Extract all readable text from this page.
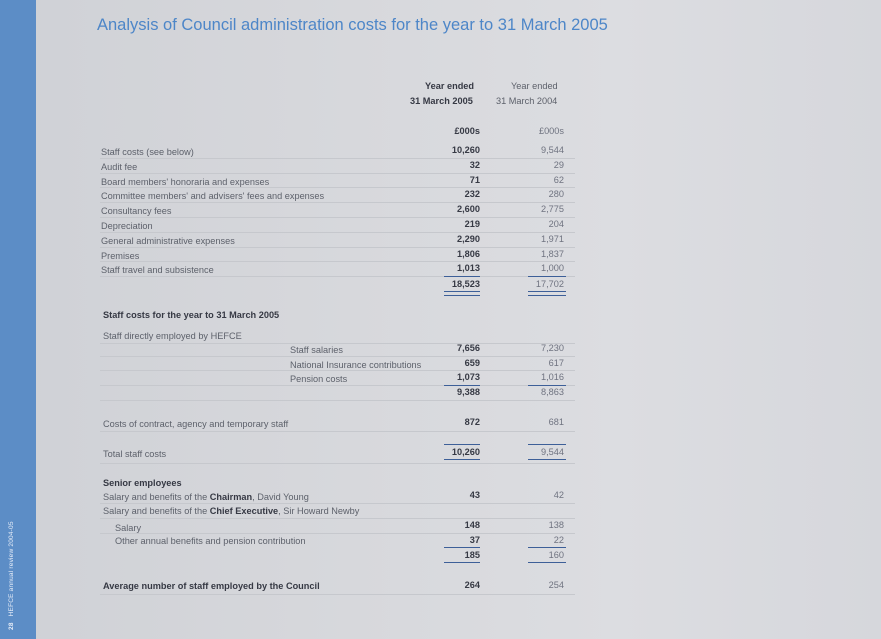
28HEFCE annual review 2004-05
Analysis of Council administration costs for the year to 31 March 2005
Year ended
31 March 2005
Year ended
31 March 2004
£000s	£000s
Staff costs (see below)	10,260	9,544
Audit fee	32	29
Board members' honoraria and expenses	71	62
Committee members' and advisers' fees and expenses	232	280
Consultancy fees	2,600	2,775
Depreciation	219	204
General administrative expenses	2,290	1,971
Premises	1,806	1,837
Staff travel and subsistence	1,013	1,000
18,523	17,702
Staff costs for the year to 31 March 2005
Staff directly employed by HEFCE
Staff salaries	7,656	7,230
National Insurance contributions	659	617
Pension costs	1,073	1,016
9,388	8,863
Costs of contract, agency and temporary staff	872	681
Total staff costs	10,260	9,544
Senior employees
Salary and benefits of the Chairman, David Young	43	42
Salary and benefits of the Chief Executive, Sir Howard Newby
Salary	148	138
Other annual benefits and pension contribution	37	22
185	160
Average number of staff employed by the Council	264	254
